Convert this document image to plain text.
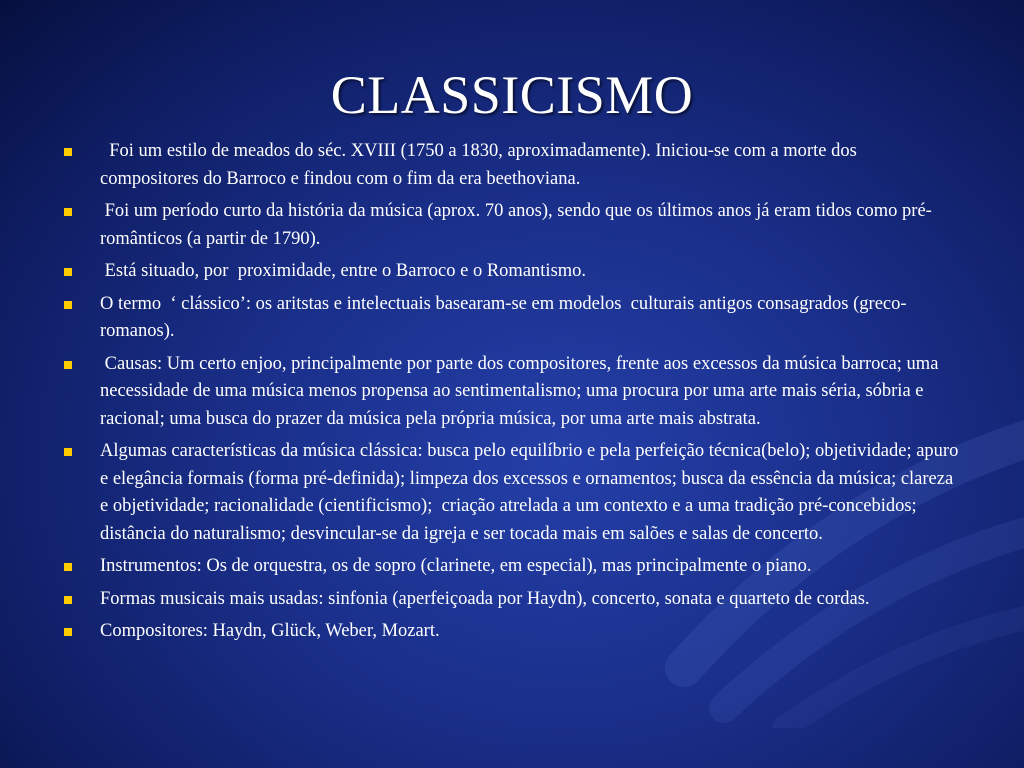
CLASSICISMO
Foi um estilo de meados do séc. XVIII (1750 a 1830, aproximadamente). Iniciou-se com a morte dos compositores do Barroco e findou com o fim da era beethoviana.
Foi um período curto da história da música (aprox. 70 anos), sendo que os últimos anos já eram tidos como pré-românticos (a partir de 1790).
Está situado, por  proximidade, entre o Barroco e o Romantismo.
O termo  ‘ clássico’: os aritstas e intelectuais basearam-se em modelos  culturais antigos consagrados (greco-romanos).
Causas: Um certo enjoo, principalmente por parte dos compositores, frente aos excessos da música barroca; uma necessidade de uma música menos propensa ao sentimentalismo; uma procura por uma arte mais séria, sóbria e racional; uma busca do prazer da música pela própria música, por uma arte mais abstrata.
Algumas características da música clássica: busca pelo equilíbrio e pela perfeição técnica(belo); objetividade; apuro e elegância formais (forma pré-definida); limpeza dos excessos e ornamentos; busca da essência da música; clareza e objetividade; racionalidade (cientificismo);  criação atrelada a um contexto e a uma tradição pré-concebidos; distância do naturalismo; desvincular-se da igreja e ser tocada mais em salões e salas de concerto.
Instrumentos: Os de orquestra, os de sopro (clarinete, em especial), mas principalmente o piano.
Formas musicais mais usadas: sinfonia (aperfeiçoada por Haydn), concerto, sonata e quarteto de cordas.
Compositores: Haydn, Glück, Weber, Mozart.
